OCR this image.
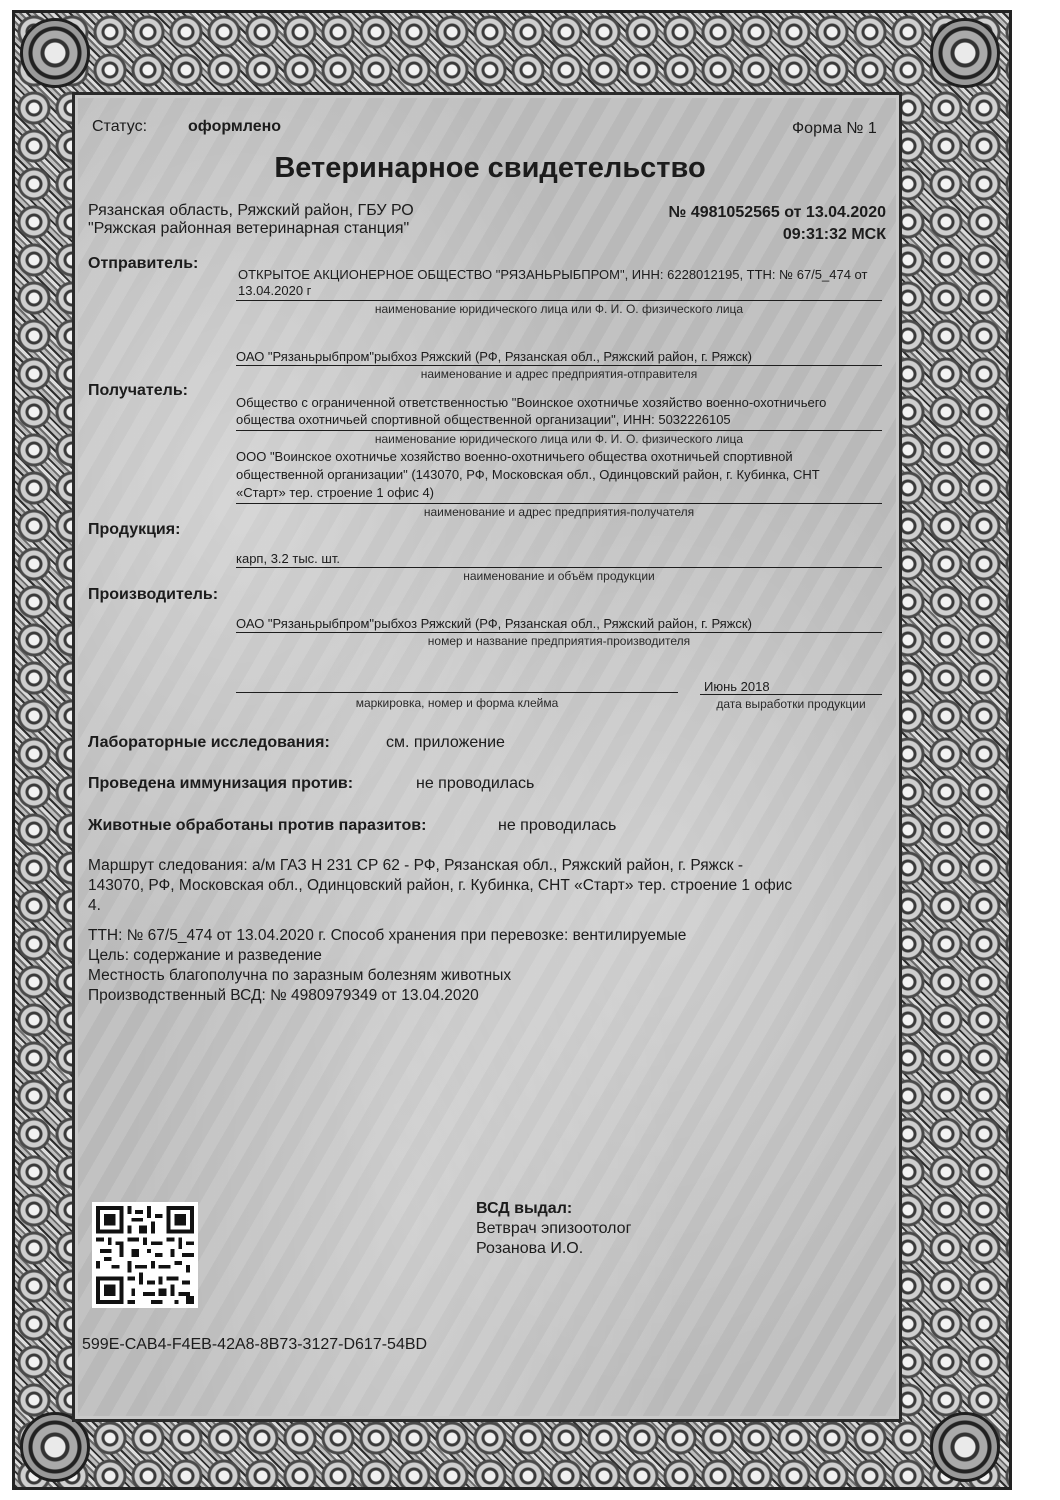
Статус:	оформлено	Форма № 1
Ветеринарное свидетельство
Рязанская область, Ряжский район, ГБУ РО
"Ряжская районная ветеринарная станция"
№ 4981052565 от 13.04.2020
09:31:32 МСК
Отправитель:
ОТКРЫТОЕ АКЦИОНЕРНОЕ ОБЩЕСТВО "РЯЗАНЬРЫБПРОМ", ИНН: 6228012195, ТТН: № 67/5_474 от
13.04.2020 г
наименование юридического лица или Ф. И. О. физического лица
ОАО "Рязаньрыбпром"рыбхоз Ряжский (РФ, Рязанская обл., Ряжский район, г. Ряжск)
наименование и адрес предприятия-отправителя
Получатель:
Общество с ограниченной ответственностью "Воинское охотничье хозяйство военно-охотничьего
общества охотничьей спортивной общественной организации", ИНН: 5032226105
наименование юридического лица или Ф. И. О. физического лица
ООО "Воинское охотничье хозяйство военно-охотничьего общества охотничьей спортивной
общественной организации" (143070, РФ, Московская обл., Одинцовский район, г. Кубинка, СНТ
«Старт» тер. строение 1 офис 4)
наименование и адрес предприятия-получателя
Продукция:
карп, 3.2 тыс. шт.
наименование и объём продукции
Производитель:
ОАО "Рязаньрыбпром"рыбхоз Ряжский (РФ, Рязанская обл., Ряжский район, г. Ряжск)
номер и название предприятия-производителя
маркировка, номер и форма клейма
Июнь 2018
дата выработки продукции
Лабораторные исследования:	см. приложение
Проведена иммунизация против:	не проводилась
Животные обработаны против паразитов:	не проводилась
Маршрут следования: а/м ГАЗ Н 231 СР 62 - РФ, Рязанская обл., Ряжский район, г. Ряжск -
143070, РФ, Московская обл., Одинцовский район, г. Кубинка, СНТ «Старт» тер. строение 1 офис
4.
ТТН: № 67/5_474 от 13.04.2020 г. Способ хранения при перевозке: вентилируемые
Цель: содержание и разведение
Местность благополучна по заразным болезням животных
Производственный ВСД: № 4980979349 от 13.04.2020
599E-CAB4-F4EB-42A8-8B73-3127-D617-54BD
ВСД выдал:
Ветврач эпизоотолог
Розанова И.О.
